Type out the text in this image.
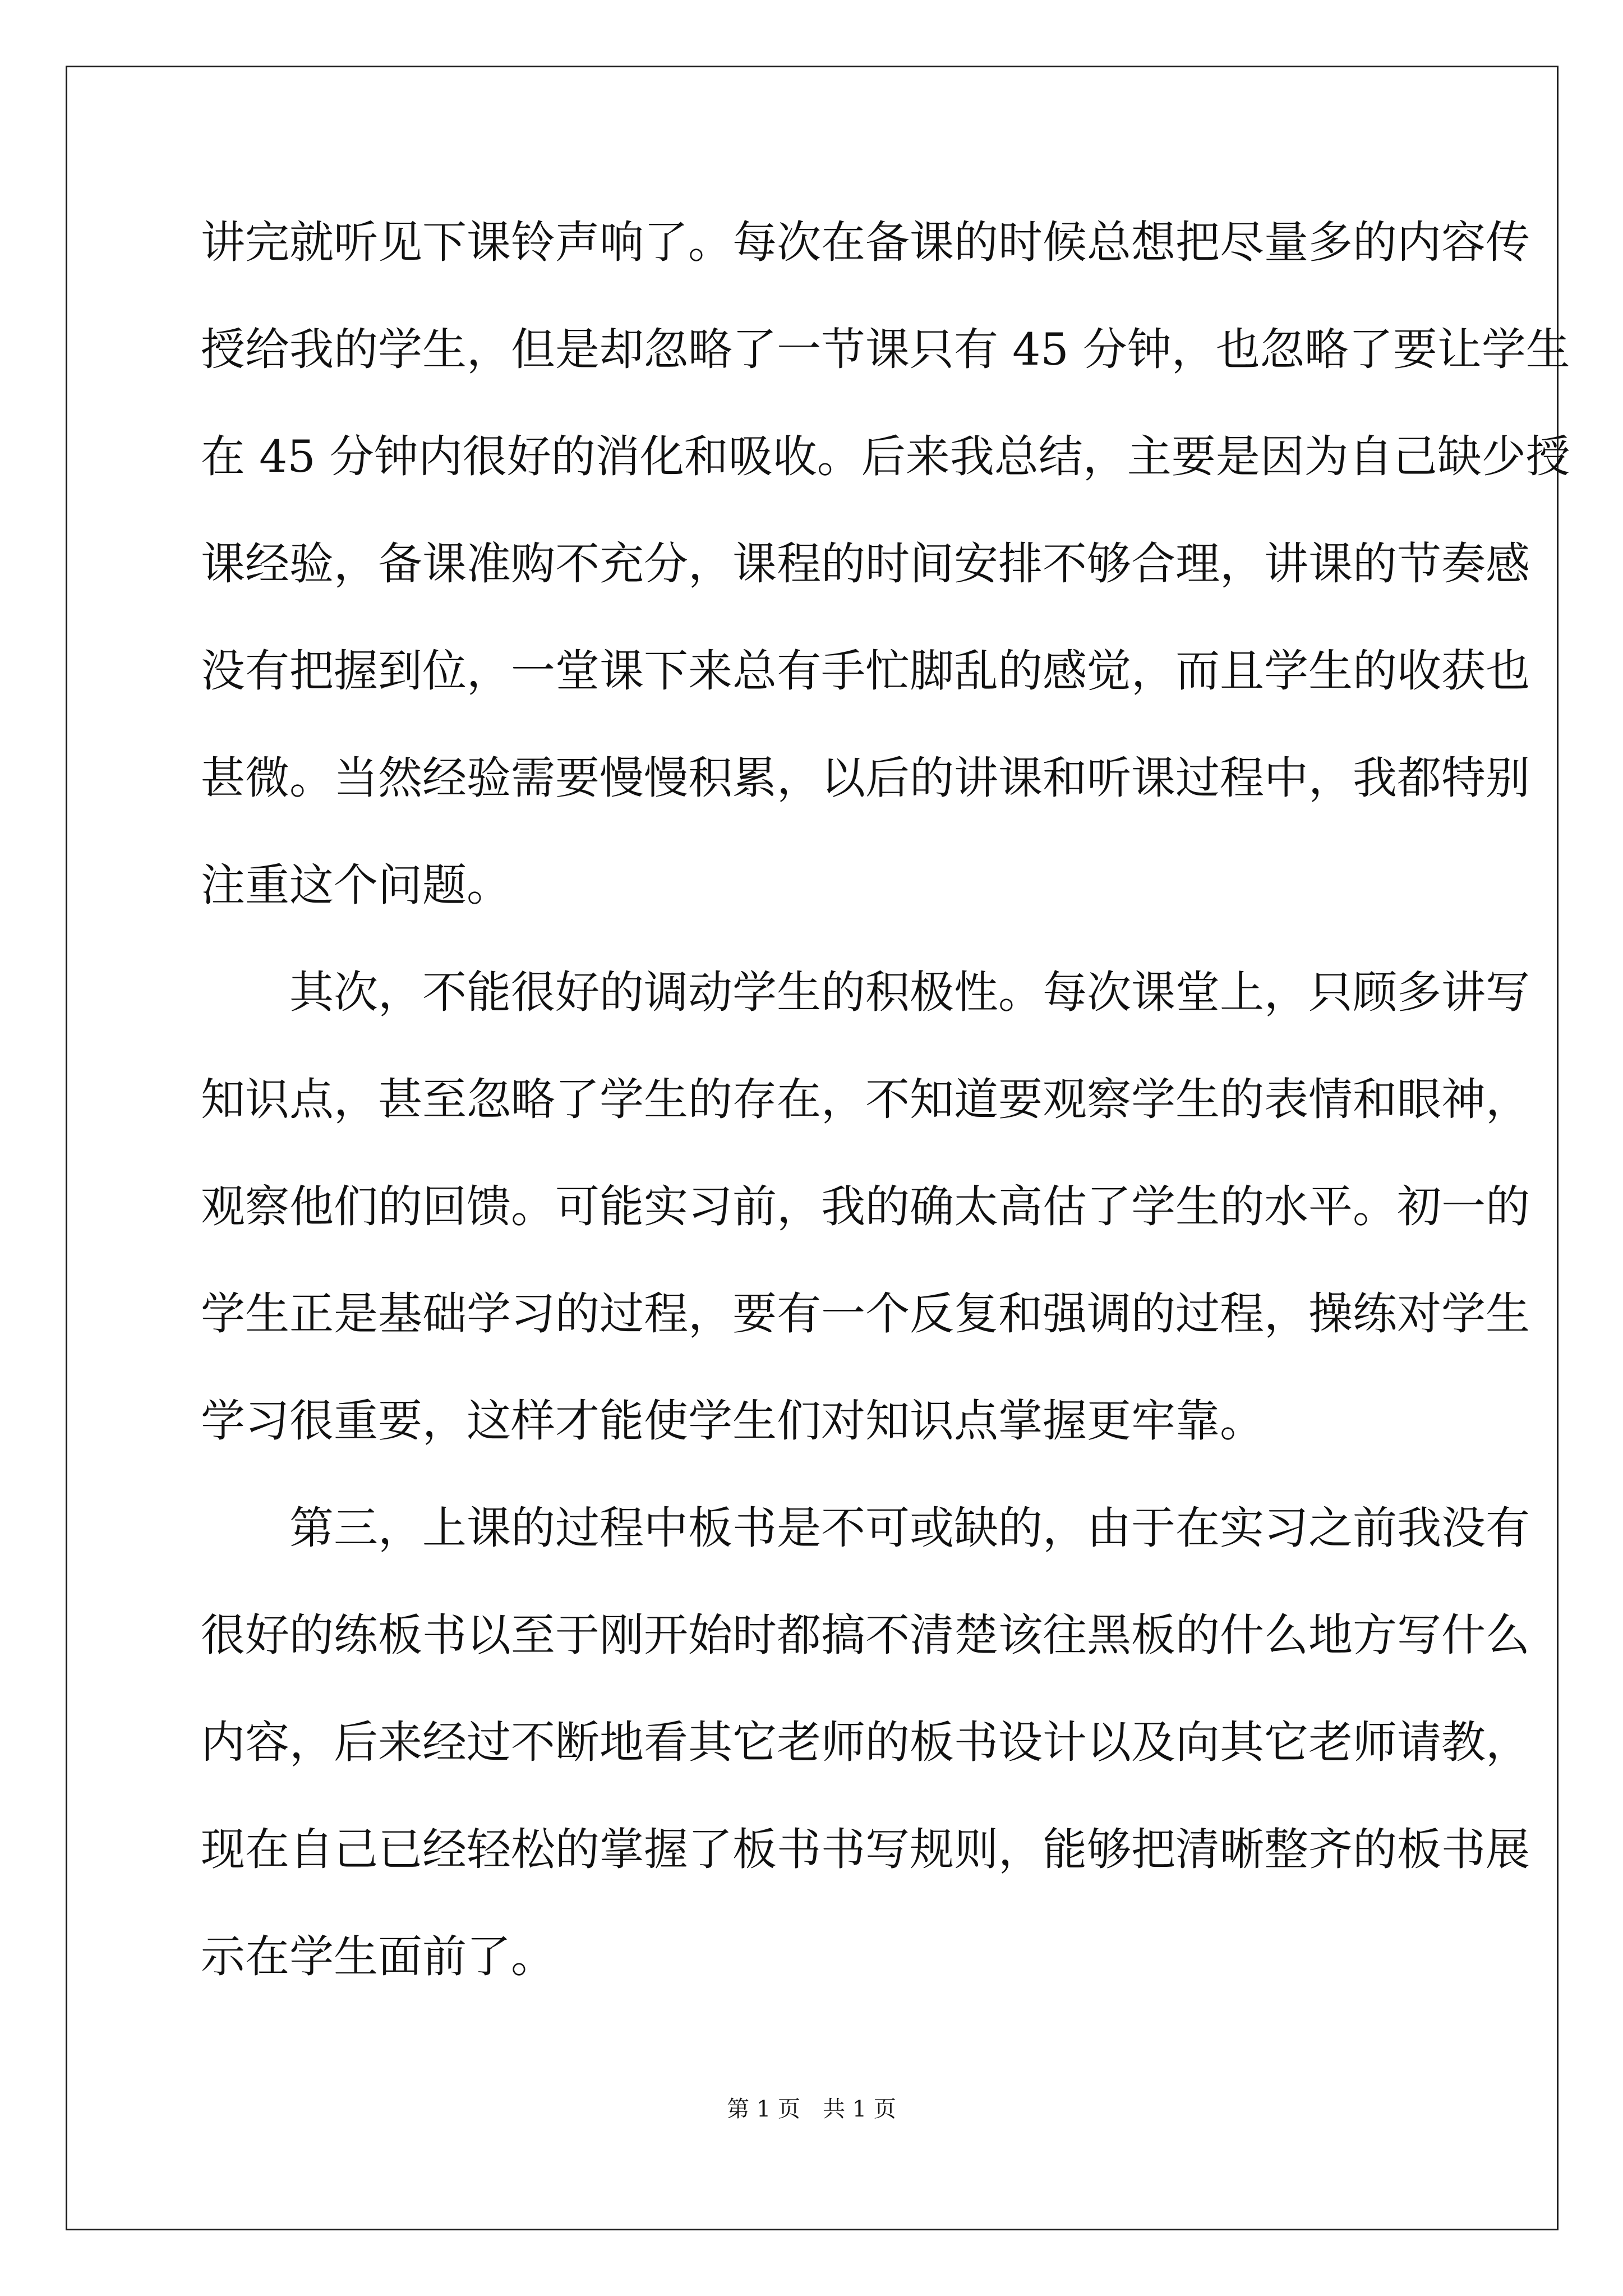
讲完就听见下课铃声响了。每次在备课的时候总想把尽量多的内容传
授给我的学生，但是却忽略了一节课只有 45 分钟，也忽略了要让学生
在 45 分钟内很好的消化和吸收。后来我总结，主要是因为自己缺少授
课经验，备课准购不充分，课程的时间安排不够合理，讲课的节奏感
没有把握到位，一堂课下来总有手忙脚乱的感觉，而且学生的收获也
甚微。当然经验需要慢慢积累，以后的讲课和听课过程中，我都特别
注重这个问题。
　　其次，不能很好的调动学生的积极性。每次课堂上，只顾多讲写
知识点，甚至忽略了学生的存在，不知道要观察学生的表情和眼神，
观察他们的回馈。可能实习前，我的确太高估了学生的水平。初一的
学生正是基础学习的过程，要有一个反复和强调的过程，操练对学生
学习很重要，这样才能使学生们对知识点掌握更牢靠。
　　第三，上课的过程中板书是不可或缺的，由于在实习之前我没有
很好的练板书以至于刚开始时都搞不清楚该往黑板的什么地方写什么
内容，后来经过不断地看其它老师的板书设计以及向其它老师请教，
现在自己已经轻松的掌握了板书书写规则，能够把清晰整齐的板书展
示在学生面前了。
第 1 页　共 1 页
